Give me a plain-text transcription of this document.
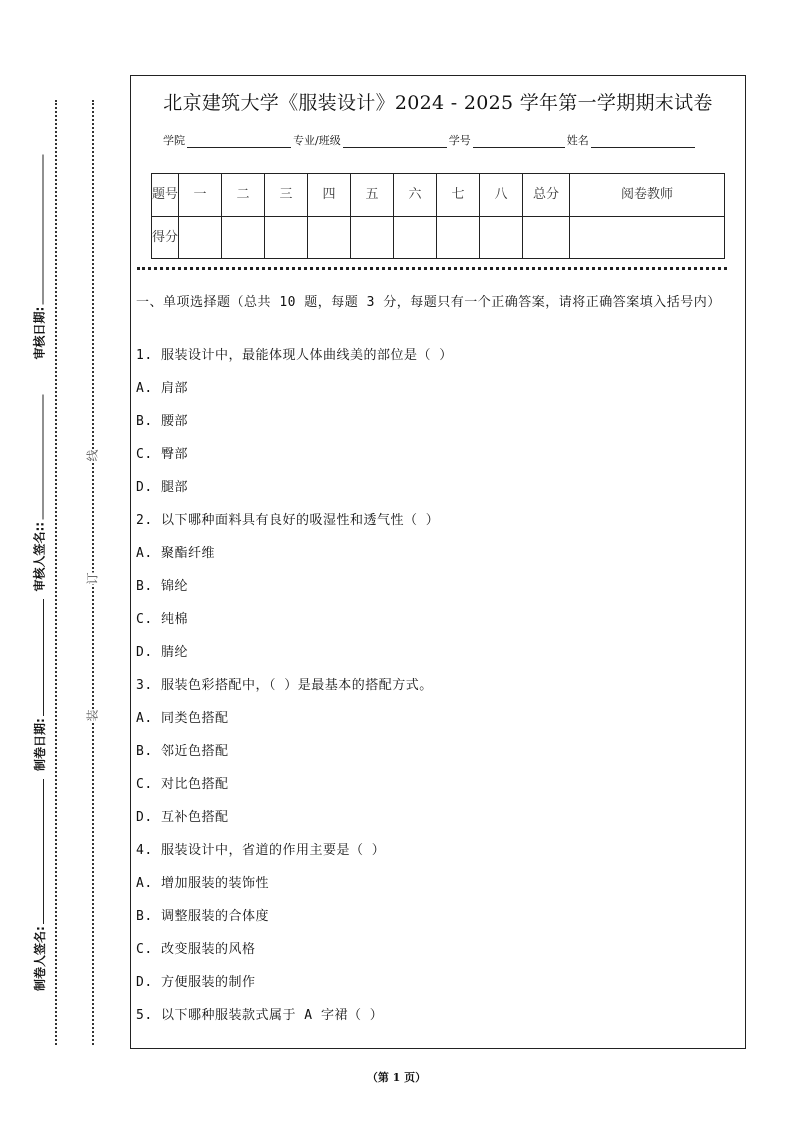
审核日期:
审核人签名::
制卷日期:
制卷人签名:
线
订
装
北京建筑大学《服装设计》2024 - 2025 学年第一学期期末试卷
学院	专业/班级	学号	姓名
题号	一	二	三	四	五	六	七	八	总分	阅卷教师
得分										
一、单项选择题（总共 10 题，每题 3 分，每题只有一个正确答案，请将正确答案填入括号内）
1. 服装设计中，最能体现人体曲线美的部位是（ ）
A. 肩部
B. 腰部
C. 臀部
D. 腿部
2. 以下哪种面料具有良好的吸湿性和透气性（ ）
A. 聚酯纤维
B. 锦纶
C. 纯棉
D. 腈纶
3. 服装色彩搭配中，（ ）是最基本的搭配方式。
A. 同类色搭配
B. 邻近色搭配
C. 对比色搭配
D. 互补色搭配
4. 服装设计中，省道的作用主要是（ ）
A. 增加服装的装饰性
B. 调整服装的合体度
C. 改变服装的风格
D. 方便服装的制作
5. 以下哪种服装款式属于 A 字裙（ ）
（第 1 页）
